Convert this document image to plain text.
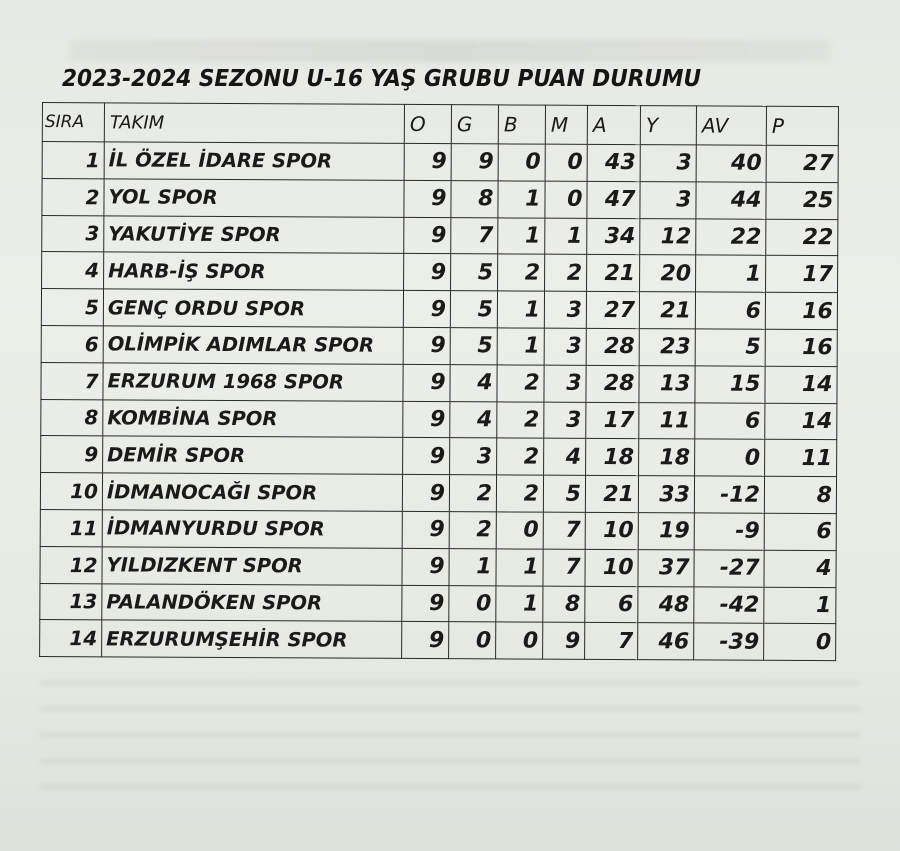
2023-2024 SEZONU U-16 YAŞ GRUBU PUAN DURUMU
SIRA	TAKIM	O	G	B	M	A	Y	AV	P
1	İL ÖZEL İDARE SPOR	9	9	0	0	43	3	40	27
2	YOL SPOR	9	8	1	0	47	3	44	25
3	YAKUTİYE SPOR	9	7	1	1	34	12	22	22
4	HARB-İŞ SPOR	9	5	2	2	21	20	1	17
5	GENÇ ORDU SPOR	9	5	1	3	27	21	6	16
6	OLİMPİK ADIMLAR SPOR	9	5	1	3	28	23	5	16
7	ERZURUM 1968 SPOR	9	4	2	3	28	13	15	14
8	KOMBİNA SPOR	9	4	2	3	17	11	6	14
9	DEMİR SPOR	9	3	2	4	18	18	0	11
10	İDMANOCAĞI SPOR	9	2	2	5	21	33	-12	8
11	İDMANYURDU SPOR	9	2	0	7	10	19	-9	6
12	YILDIZKENT SPOR	9	1	1	7	10	37	-27	4
13	PALANDÖKEN SPOR	9	0	1	8	6	48	-42	1
14	ERZURUMŞEHİR SPOR	9	0	0	9	7	46	-39	0
